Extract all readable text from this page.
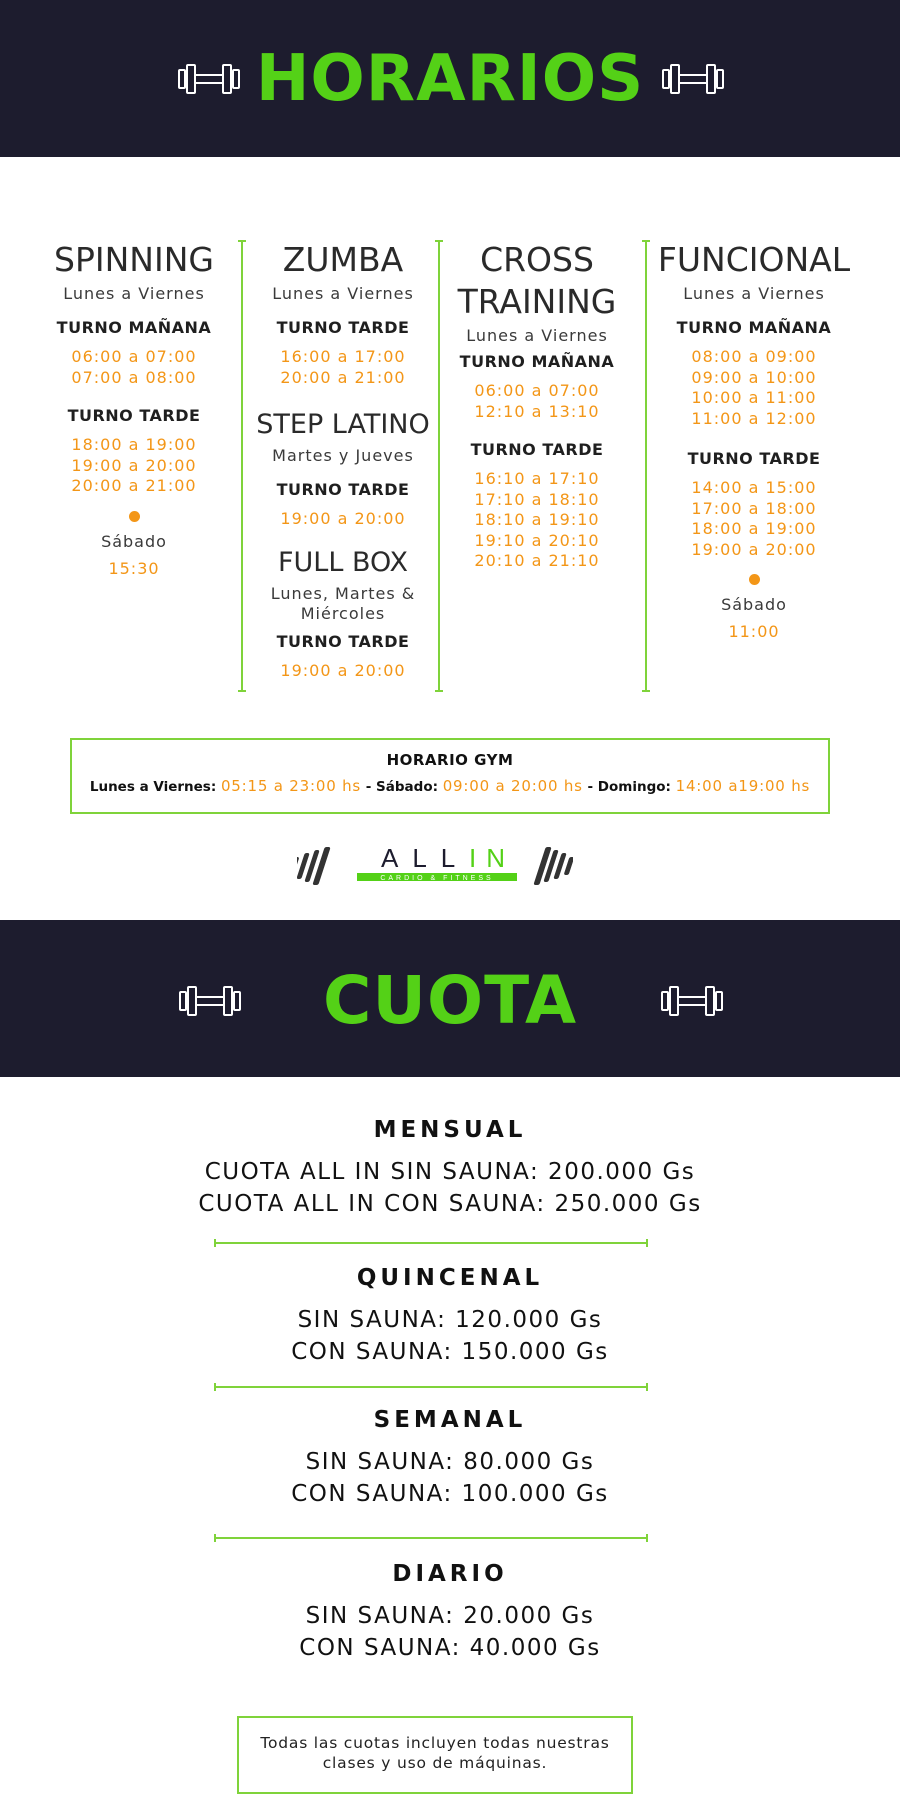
HORARIOS
SPINNING
Lunes a Viernes
TURNO MAÑANA
06:00 a 07:00
07:00 a 08:00
TURNO TARDE
18:00 a 19:00
19:00 a 20:00
20:00 a 21:00
Sábado
15:30
ZUMBA
Lunes a Viernes
TURNO TARDE
16:00 a 17:00
20:00 a 21:00
STEP LATINO
Martes y Jueves
TURNO TARDE
19:00 a 20:00
FULL BOX
Lunes, Martes &
Miércoles
TURNO TARDE
19:00 a 20:00
CROSS
TRAINING
Lunes a Viernes
TURNO MAÑANA
06:00 a 07:00
12:10 a 13:10
TURNO TARDE
16:10 a 17:10
17:10 a 18:10
18:10 a 19:10
19:10 a 20:10
20:10 a 21:10
FUNCIONAL
Lunes a Viernes
TURNO MAÑANA
08:00 a 09:00
09:00 a 10:00
10:00 a 11:00
11:00 a 12:00
TURNO TARDE
14:00 a 15:00
17:00 a 18:00
18:00 a 19:00
19:00 a 20:00
Sábado
11:00
HORARIO GYM
Lunes a Viernes: 05:15 a 23:00 hs - Sábado: 09:00 a 20:00 hs - Domingo: 14:00 a19:00 hs
ALL IN
CARDIO & FITNESS
CUOTA
MENSUAL
CUOTA ALL IN SIN SAUNA: 200.000 Gs
CUOTA ALL IN CON SAUNA: 250.000 Gs
QUINCENAL
SIN SAUNA: 120.000 Gs
CON SAUNA: 150.000 Gs
SEMANAL
SIN SAUNA: 80.000 Gs
CON SAUNA: 100.000 Gs
DIARIO
SIN SAUNA: 20.000 Gs
CON SAUNA: 40.000 Gs
Todas las cuotas incluyen todas nuestras
clases y uso de máquinas.
